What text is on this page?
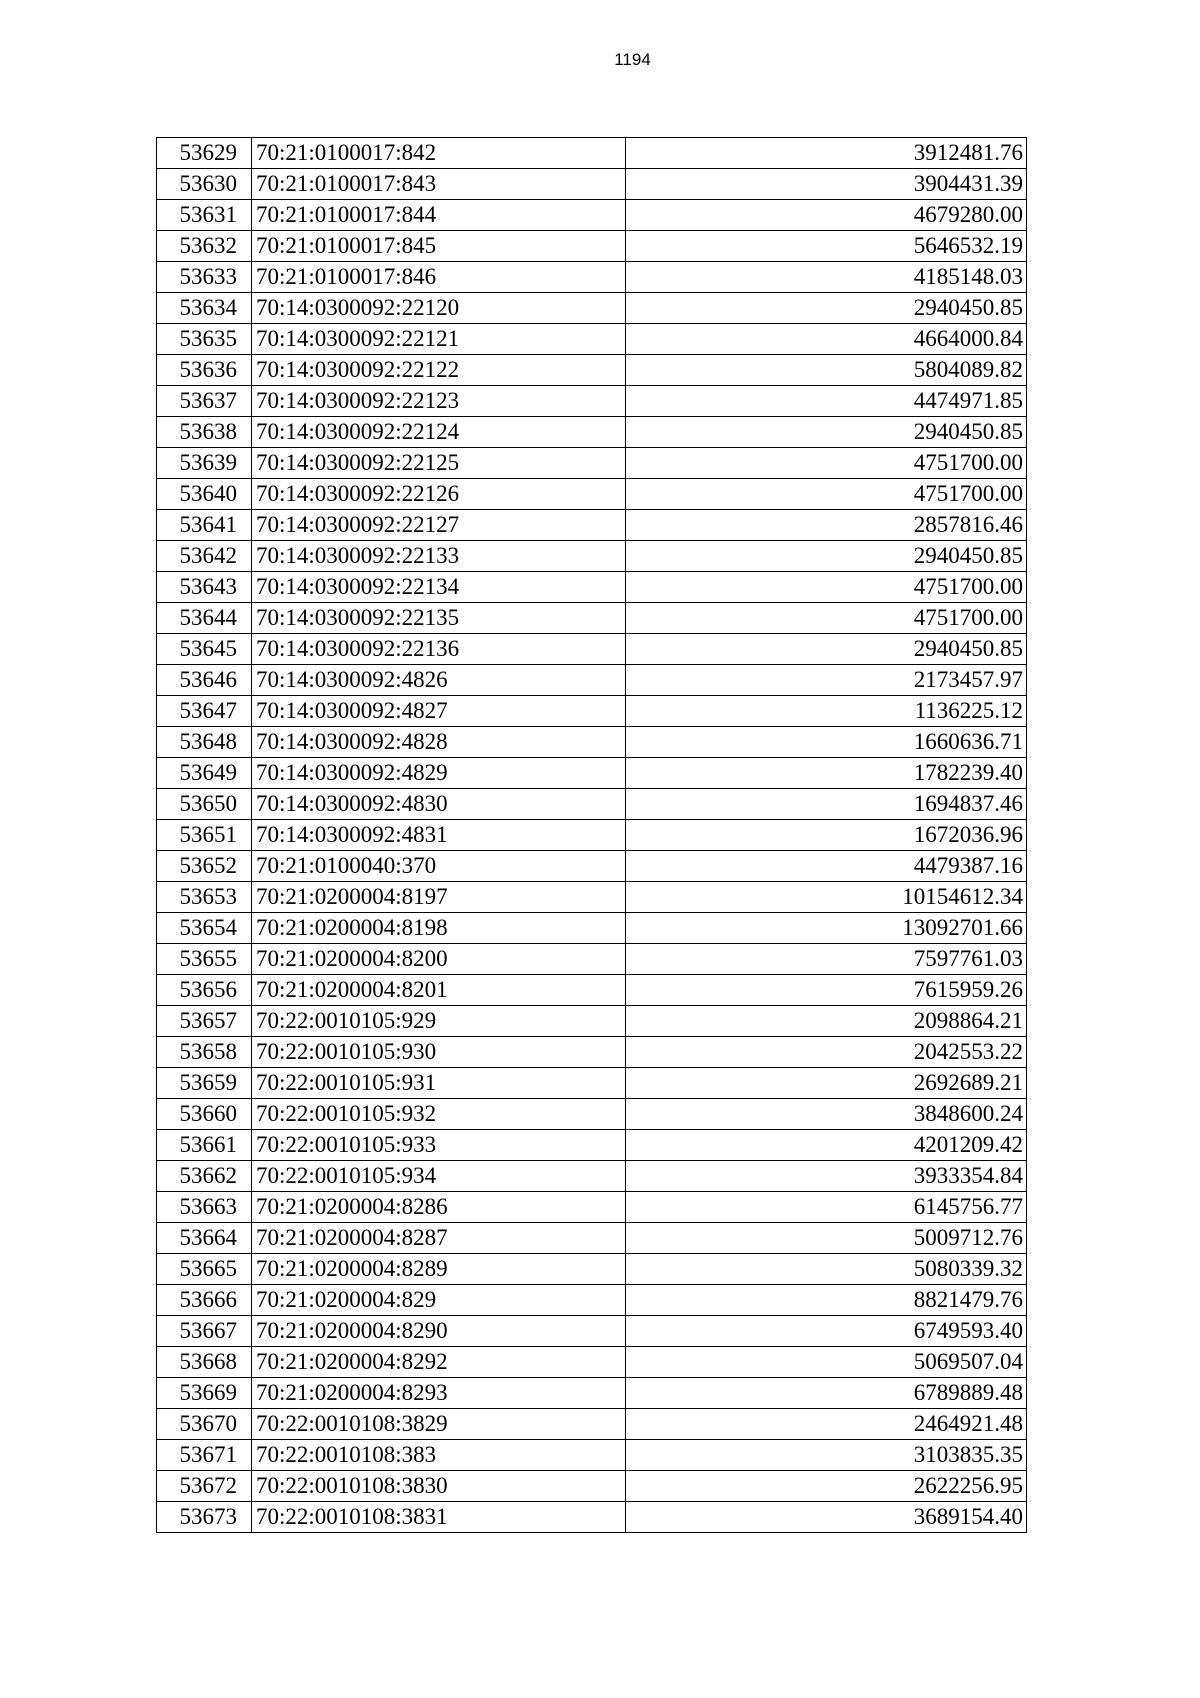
1194
53629	70:21:0100017:842	3912481.76
53630	70:21:0100017:843	3904431.39
53631	70:21:0100017:844	4679280.00
53632	70:21:0100017:845	5646532.19
53633	70:21:0100017:846	4185148.03
53634	70:14:0300092:22120	2940450.85
53635	70:14:0300092:22121	4664000.84
53636	70:14:0300092:22122	5804089.82
53637	70:14:0300092:22123	4474971.85
53638	70:14:0300092:22124	2940450.85
53639	70:14:0300092:22125	4751700.00
53640	70:14:0300092:22126	4751700.00
53641	70:14:0300092:22127	2857816.46
53642	70:14:0300092:22133	2940450.85
53643	70:14:0300092:22134	4751700.00
53644	70:14:0300092:22135	4751700.00
53645	70:14:0300092:22136	2940450.85
53646	70:14:0300092:4826	2173457.97
53647	70:14:0300092:4827	1136225.12
53648	70:14:0300092:4828	1660636.71
53649	70:14:0300092:4829	1782239.40
53650	70:14:0300092:4830	1694837.46
53651	70:14:0300092:4831	1672036.96
53652	70:21:0100040:370	4479387.16
53653	70:21:0200004:8197	10154612.34
53654	70:21:0200004:8198	13092701.66
53655	70:21:0200004:8200	7597761.03
53656	70:21:0200004:8201	7615959.26
53657	70:22:0010105:929	2098864.21
53658	70:22:0010105:930	2042553.22
53659	70:22:0010105:931	2692689.21
53660	70:22:0010105:932	3848600.24
53661	70:22:0010105:933	4201209.42
53662	70:22:0010105:934	3933354.84
53663	70:21:0200004:8286	6145756.77
53664	70:21:0200004:8287	5009712.76
53665	70:21:0200004:8289	5080339.32
53666	70:21:0200004:829	8821479.76
53667	70:21:0200004:8290	6749593.40
53668	70:21:0200004:8292	5069507.04
53669	70:21:0200004:8293	6789889.48
53670	70:22:0010108:3829	2464921.48
53671	70:22:0010108:383	3103835.35
53672	70:22:0010108:3830	2622256.95
53673	70:22:0010108:3831	3689154.40
